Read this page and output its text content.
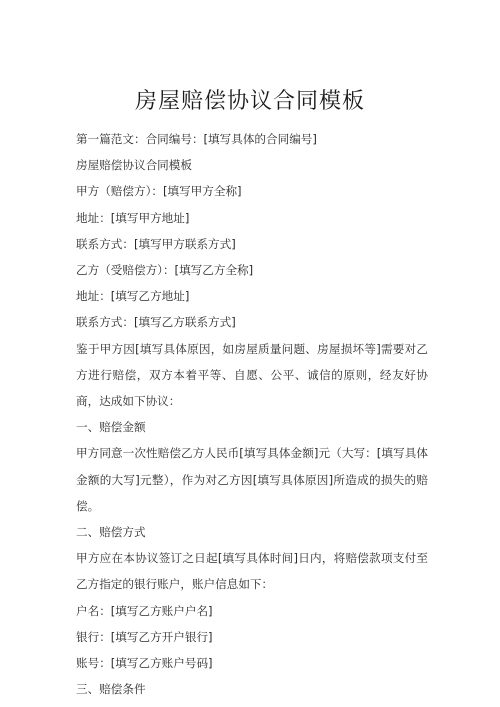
房屋赔偿协议合同模板

第一篇范文：合同编号：[填写具体的合同编号]

房屋赔偿协议合同模板

甲方（赔偿方）：[填写甲方全称]

地址：[填写甲方地址]

联系方式：[填写甲方联系方式]

乙方（受赔偿方）：[填写乙方全称]

地址：[填写乙方地址]

联系方式：[填写乙方联系方式]

鉴于甲方因[填写具体原因，如房屋质量问题、房屋损坏等]需要对乙方进行赔偿，双方本着平等、自愿、公平、诚信的原则，经友好协商，达成如下协议：

一、赔偿金额

甲方同意一次性赔偿乙方人民币[填写具体金额]元（大写：[填写具体金额的大写]元整），作为对乙方因[填写具体原因]所造成的损失的赔偿。

二、赔偿方式

甲方应在本协议签订之日起[填写具体时间]日内，将赔偿款项支付至乙方指定的银行账户，账户信息如下：

户名：[填写乙方账户户名]

银行：[填写乙方开户银行]

账号：[填写乙方账户号码]

三、赔偿条件
